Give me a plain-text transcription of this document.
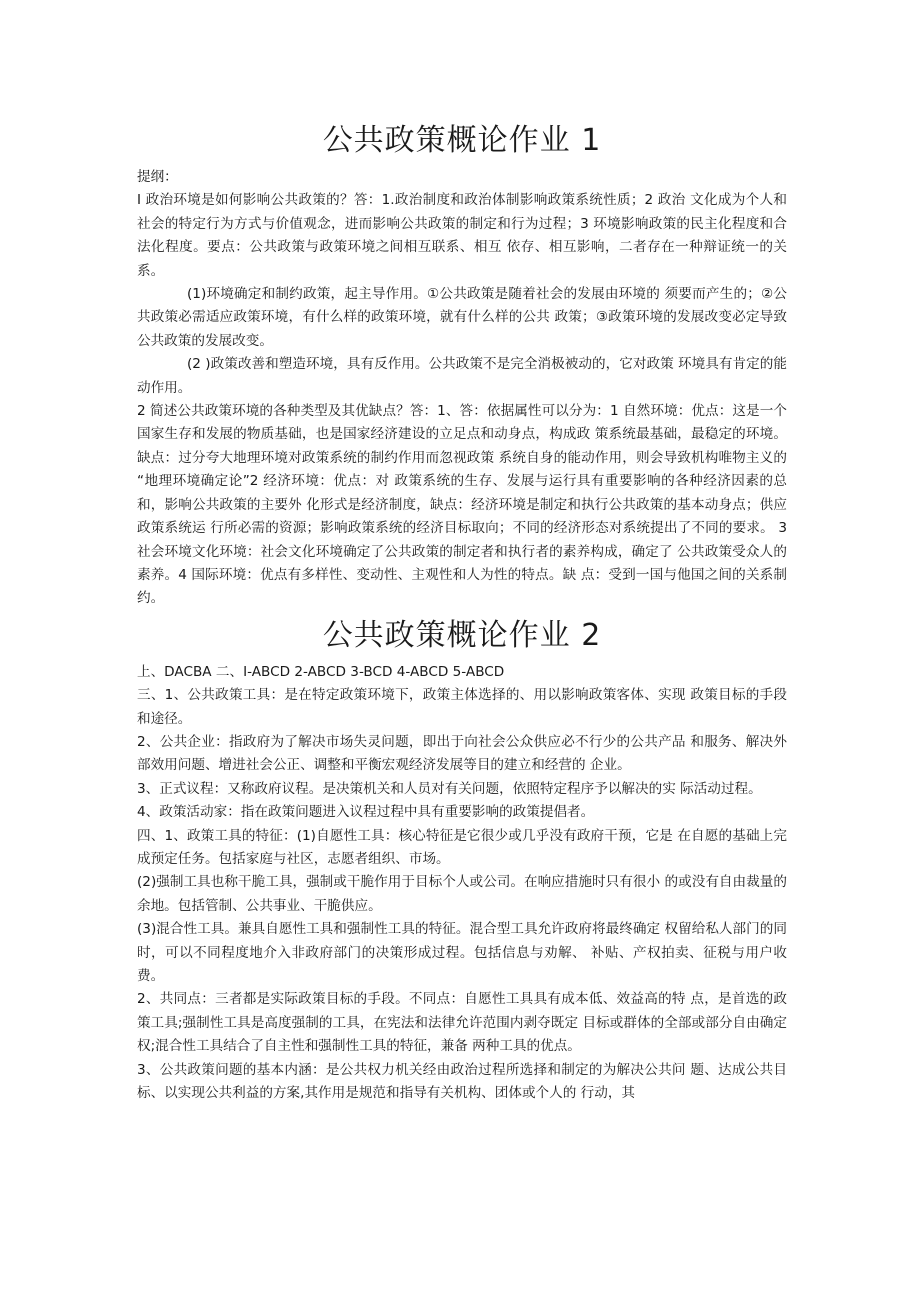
公共政策概论作业 1

提纲：

I 政治环境是如何影响公共政策的？答：1.政治制度和政治体制影响政策系统性质；2 政治 文化成为个人和社会的特定行为方式与价值观念，进而影响公共政策的制定和行为过程；3 环境影响政策的民主化程度和合法化程度。要点：公共政策与政策环境之间相互联系、相互 依存、相互影响，二者存在一种辩证统一的关系。

(1)环境确定和制约政策，起主导作用。①公共政策是随着社会的发展由环境的 须要而产生的；②公共政策必需适应政策环境，有什么样的政策环境，就有什么样的公共 政策；③政策环境的发展改变必定导致公共政策的发展改变。

(2 )政策改善和塑造环境，具有反作用。公共政策不是完全消极被动的，它对政策 环境具有肯定的能动作用。

2 简述公共政策环境的各种类型及其优缺点？答：1、答：依据属性可以分为：1 自然环境：优点：这是一个国家生存和发展的物质基础，也是国家经济建设的立足点和动身点，构成政 策系统最基础，最稳定的环境。缺点：过分夸大地理环境对政策系统的制约作用而忽视政策 系统自身的能动作用，则会导致机构唯物主义的 “地理环境确定论”2 经济环境：优点：对 政策系统的生存、发展与运行具有重要影响的各种经济因素的总和，影响公共政策的主要外 化形式是经济制度，缺点：经济环境是制定和执行公共政策的基本动身点；供应政策系统运 行所必需的资源；影响政策系统的经济目标取向；不同的经济形态对系统提出了不同的要求。 3 社会环境文化环境：社会文化环境确定了公共政策的制定者和执行者的素养构成，确定了 公共政策受众人的素养。4 国际环境：优点有多样性、变动性、主观性和人为性的特点。缺 点：受到一国与他国之间的关系制约。

公共政策概论作业 2

上、DACBA 二、I-ABCD 2-ABCD 3-BCD 4-ABCD 5-ABCD

三、1、公共政策工具：是在特定政策环境下，政策主体选择的、用以影响政策客体、实现 政策目标的手段和途径。

2、公共企业：指政府为了解决市场失灵问题，即出于向社会公众供应必不行少的公共产品 和服务、解决外部效用问题、增进社会公正、调整和平衡宏观经济发展等目的建立和经营的 企业。

3、正式议程：又称政府议程。是决策机关和人员对有关问题，依照特定程序予以解决的实 际活动过程。

4、政策活动家：指在政策问题进入议程过程中具有重要影响的政策提倡者。

四、1、政策工具的特征：(1)自愿性工具：核心特征是它很少或几乎没有政府干预，它是 在自愿的基础上完成预定任务。包括家庭与社区，志愿者组织、市场。

(2)强制工具也称干脆工具，强制或干脆作用于目标个人或公司。在响应措施时只有很小 的或没有自由裁量的余地。包括管制、公共事业、干脆供应。

(3)混合性工具。兼具自愿性工具和强制性工具的特征。混合型工具允许政府将最终确定 权留给私人部门的同时，可以不同程度地介入非政府部门的决策形成过程。包括信息与劝解、 补贴、产权拍卖、征税与用户收费。

2、共同点：三者都是实际政策目标的手段。不同点：自愿性工具具有成本低、效益高的特 点，是首选的政策工具;强制性工具是高度强制的工具，在宪法和法律允许范围内剥夺既定 目标或群体的全部或部分自由确定权;混合性工具结合了自主性和强制性工具的特征，兼备 两种工具的优点。

3、公共政策问题的基本内涵：是公共权力机关经由政治过程所选择和制定的为解决公共问 题、达成公共目标、以实现公共利益的方案,其作用是规范和指导有关机构、团体或个人的 行动，其
